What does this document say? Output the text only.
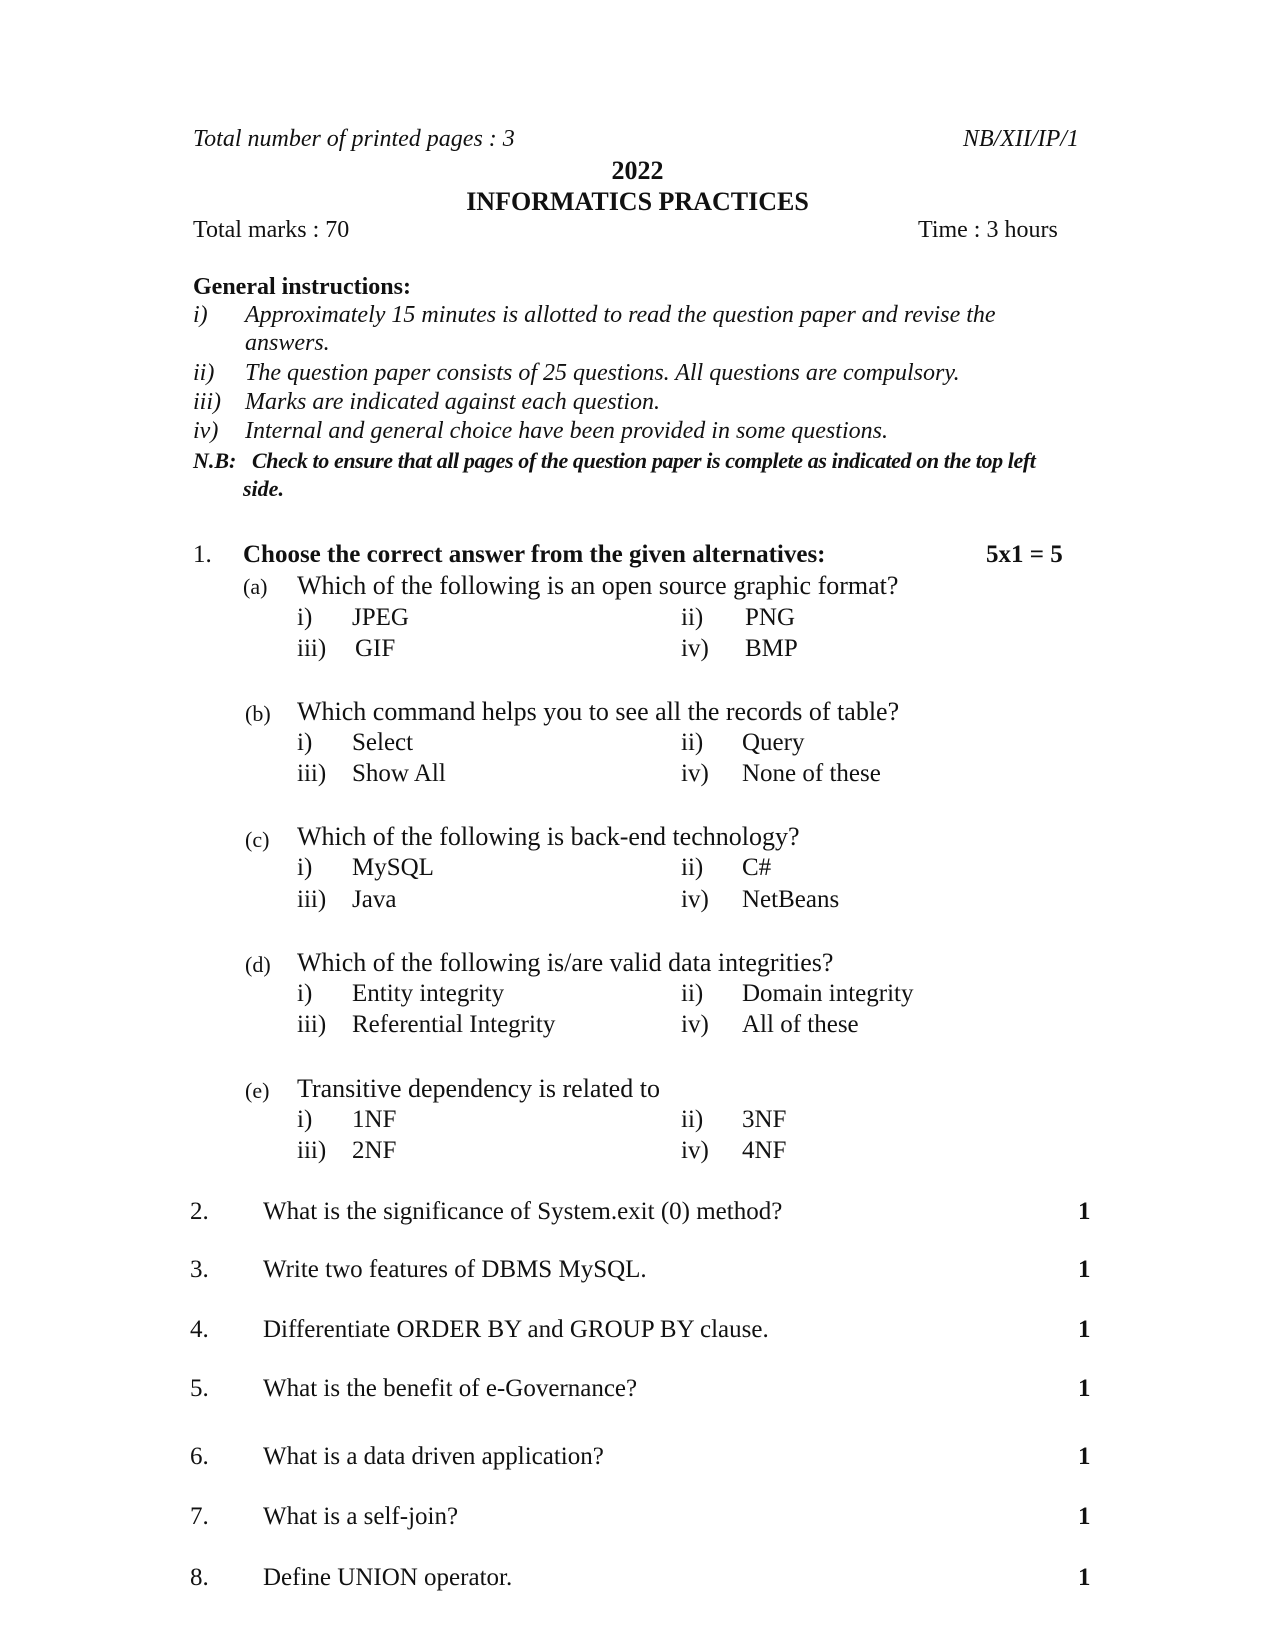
Total number of printed pages : 3	NB/XII/IP/1
2022
INFORMATICS PRACTICES
Total marks : 70	Time : 3 hours
General instructions:
i) Approximately 15 minutes is allotted to read the question paper and revise the
answers.
ii) The question paper consists of 25 questions. All questions are compulsory.
iii) Marks are indicated against each question.
iv) Internal and general choice have been provided in some questions.
N.B: Check to ensure that all pages of the question paper is complete as indicated on the top left
side.
1. Choose the correct answer from the given alternatives:	5x1 = 5
(a) Which of the following is an open source graphic format?
i) JPEG	ii) PNG
iii) GIF	iv) BMP
(b) Which command helps you to see all the records of table?
i) Select	ii) Query
iii) Show All	iv) None of these
(c) Which of the following is back-end technology?
i) MySQL	ii) C#
iii) Java	iv) NetBeans
(d) Which of the following is/are valid data integrities?
i) Entity integrity	ii) Domain integrity
iii) Referential Integrity	iv) All of these
(e) Transitive dependency is related to
i) 1NF	ii) 3NF
iii) 2NF	iv) 4NF
2. What is the significance of System.exit (0) method?	1
3. Write two features of DBMS MySQL.	1
4. Differentiate ORDER BY and GROUP BY clause.	1
5. What is the benefit of e-Governance?	1
6. What is a data driven application?	1
7. What is a self-join?	1
8. Define UNION operator.	1
